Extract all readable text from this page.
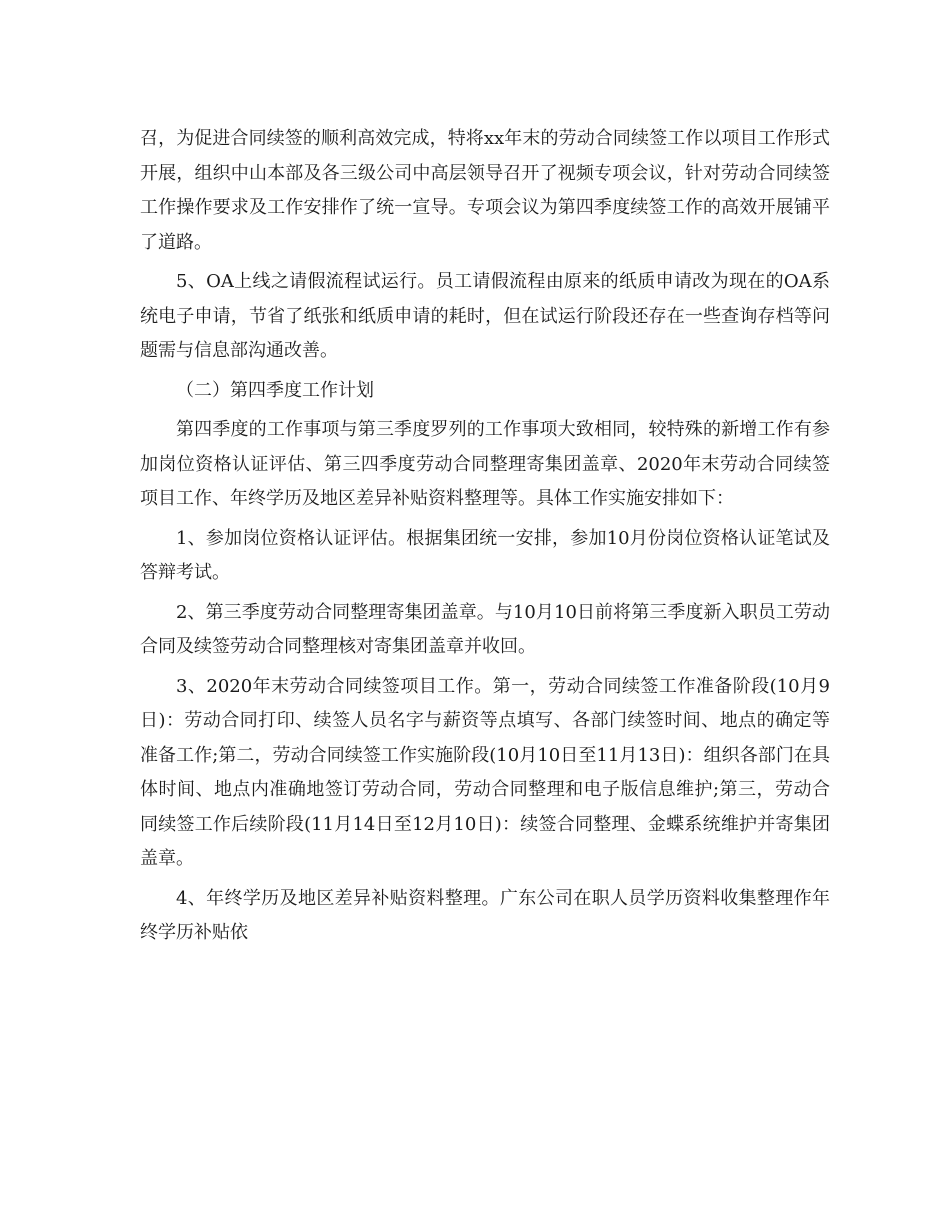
召，为促进合同续签的顺利高效完成，特将xx年末的劳动合同续签工作以项目工作形式开展，组织中山本部及各三级公司中高层领导召开了视频专项会议，针对劳动合同续签工作操作要求及工作安排作了统一宣导。专项会议为第四季度续签工作的高效开展铺平了道路。

5、OA上线之请假流程试运行。员工请假流程由原来的纸质申请改为现在的OA系统电子申请，节省了纸张和纸质申请的耗时，但在试运行阶段还存在一些查询存档等问题需与信息部沟通改善。

（二）第四季度工作计划

第四季度的工作事项与第三季度罗列的工作事项大致相同，较特殊的新增工作有参加岗位资格认证评估、第三四季度劳动合同整理寄集团盖章、2020年末劳动合同续签项目工作、年终学历及地区差异补贴资料整理等。具体工作实施安排如下：

1、参加岗位资格认证评估。根据集团统一安排，参加10月份岗位资格认证笔试及答辩考试。

2、第三季度劳动合同整理寄集团盖章。与10月10日前将第三季度新入职员工劳动合同及续签劳动合同整理核对寄集团盖章并收回。

3、2020年末劳动合同续签项目工作。第一，劳动合同续签工作准备阶段(10月9日)：劳动合同打印、续签人员名字与薪资等点填写、各部门续签时间、地点的确定等准备工作;第二，劳动合同续签工作实施阶段(10月10日至11月13日)：组织各部门在具体时间、地点内准确地签订劳动合同，劳动合同整理和电子版信息维护;第三，劳动合同续签工作后续阶段(11月14日至12月10日)：续签合同整理、金蝶系统维护并寄集团盖章。

4、年终学历及地区差异补贴资料整理。广东公司在职人员学历资料收集整理作年终学历补贴依
